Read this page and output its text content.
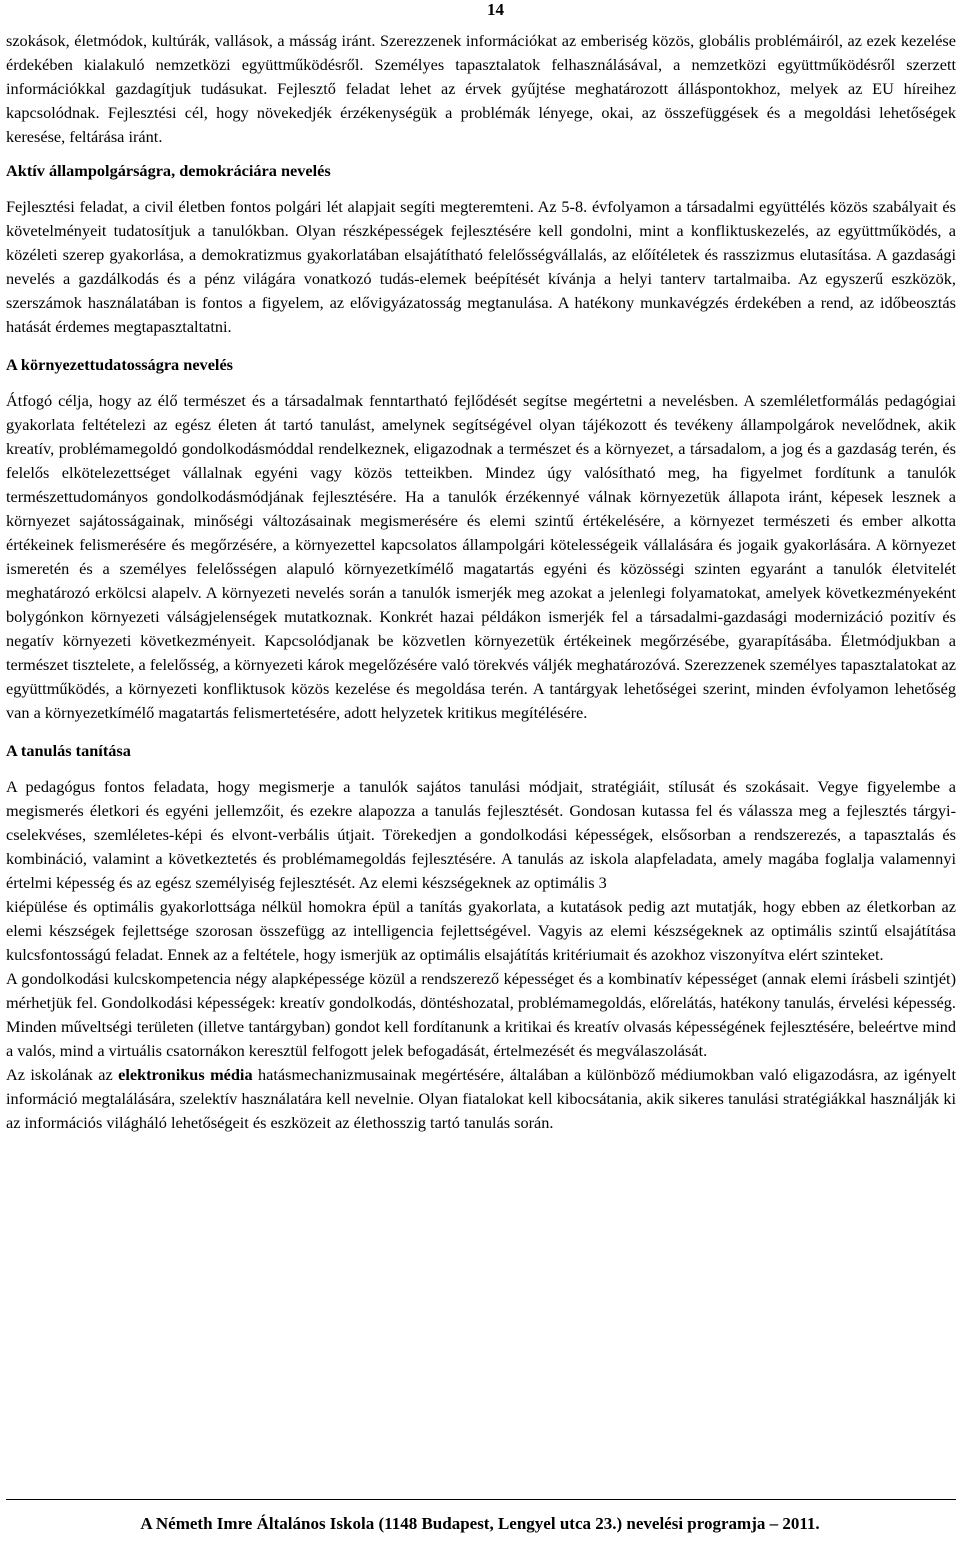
14

szokások, életmódok, kultúrák, vallások, a másság iránt. Szerezzenek információkat az emberiség közös, globális problémáiról, az ezek kezelése érdekében kialakuló nemzetközi együttműködésről. Személyes tapasztalatok felhasználásával, a nemzetközi együttműködésről szerzett információkkal gazdagítjuk tudásukat. Fejlesztő feladat lehet az érvek gyűjtése meghatározott álláspontokhoz, melyek az EU híreihez kapcsolódnak. Fejlesztési cél, hogy növekedjék érzékenységük a problémák lényege, okai, az összefüggések és a megoldási lehetőségek keresése, feltárása iránt.

Aktív állampolgárságra, demokráciára nevelés

Fejlesztési feladat, a civil életben fontos polgári lét alapjait segíti megteremteni. Az 5-8. évfolyamon a társadalmi együttélés közös szabályait és követelményeit tudatosítjuk a tanulókban. Olyan részképességek fejlesztésére kell gondolni, mint a konfliktuskezelés, az együttműködés, a közéleti szerep gyakorlása, a demokratizmus gyakorlatában elsajátítható felelősségvállalás, az előítéletek és rasszizmus elutasítása. A gazdasági nevelés a gazdálkodás és a pénz világára vonatkozó tudás-elemek beépítését kívánja a helyi tanterv tartalmaiba. Az egyszerű eszközök, szerszámok használatában is fontos a figyelem, az elővigyázatosság megtanulása. A hatékony munkavégzés érdekében a rend, az időbeosztás hatását érdemes megtapasztaltatni.

A környezettudatosságra nevelés

Átfogó célja, hogy az élő természet és a társadalmak fenntartható fejlődését segítse megértetni a nevelésben. A szemléletformálás pedagógiai gyakorlata feltételezi az egész életen át tartó tanulást, amelynek segítségével olyan tájékozott és tevékeny állampolgárok nevelődnek, akik kreatív, problémamegoldó gondolkodásmóddal rendelkeznek, eligazodnak a természet és a környezet, a társadalom, a jog és a gazdaság terén, és felelős elkötelezettséget vállalnak egyéni vagy közös tetteikben. Mindez úgy valósítható meg, ha figyelmet fordítunk a tanulók természettudományos gondolkodásmódjának fejlesztésére. Ha a tanulók érzékennyé válnak környezetük állapota iránt, képesek lesznek a környezet sajátosságainak, minőségi változásainak megismerésére és elemi szintű értékelésére, a környezet természeti és ember alkotta értékeinek felismerésére és megőrzésére, a környezettel kapcsolatos állampolgári kötelességeik vállalására és jogaik gyakorlására. A környezet ismeretén és a személyes felelősségen alapuló környezetkímélő magatartás egyéni és közösségi szinten egyaránt a tanulók életvitelét meghatározó erkölcsi alapelv. A környezeti nevelés során a tanulók ismerjék meg azokat a jelenlegi folyamatokat, amelyek következményeként bolygónkon környezeti válságjelenségek mutatkoznak. Konkrét hazai példákon ismerjék fel a társadalmi-gazdasági modernizáció pozitív és negatív környezeti következményeit. Kapcsolódjanak be közvetlen környezetük értékeinek megőrzésébe, gyarapításába. Életmódjukban a természet tisztelete, a felelősség, a környezeti károk megelőzésére való törekvés váljék meghatározóvá. Szerezzenek személyes tapasztalatokat az együttműködés, a környezeti konfliktusok közös kezelése és megoldása terén. A tantárgyak lehetőségei szerint, minden évfolyamon lehetőség van a környezetkímélő magatartás felismertetésére, adott helyzetek kritikus megítélésére.

A tanulás tanítása

A pedagógus fontos feladata, hogy megismerje a tanulók sajátos tanulási módjait, stratégiáit, stílusát és szokásait. Vegye figyelembe a megismerés életkori és egyéni jellemzőit, és ezekre alapozza a tanulás fejlesztését. Gondosan kutassa fel és válassza meg a fejlesztés tárgyi-cselekvéses, szemléletes-képi és elvont-verbális útjait. Törekedjen a gondolkodási képességek, elsősorban a rendszerezés, a tapasztalás és kombináció, valamint a következtetés és problémamegoldás fejlesztésére. A tanulás az iskola alapfeladata, amely magába foglalja valamennyi értelmi képesség és az egész személyiség fejlesztését. Az elemi készségeknek az optimális 3

kiépülése és optimális gyakorlottsága nélkül homokra épül a tanítás gyakorlata, a kutatások pedig azt mutatják, hogy ebben az életkorban az elemi készségek fejlettsége szorosan összefügg az intelligencia fejlettségével. Vagyis az elemi készségeknek az optimális szintű elsajátítása kulcsfontosságú feladat. Ennek az a feltétele, hogy ismerjük az optimális elsajátítás kritériumait és azokhoz viszonyítva elért szinteket.

A gondolkodási kulcskompetencia négy alapképessége közül a rendszerező képességet és a kombinatív képességet (annak elemi írásbeli szintjét) mérhetjük fel. Gondolkodási képességek: kreatív gondolkodás, döntéshozatal, problémamegoldás, előrelátás, hatékony tanulás, érvelési képesség. Minden műveltségi területen (illetve tantárgyban) gondot kell fordítanunk a kritikai és kreatív olvasás képességének fejlesztésére, beleértve mind a valós, mind a virtuális csatornákon keresztül felfogott jelek befogadását, értelmezését és megválaszolását.

Az iskolának az elektronikus média hatásmechanizmusainak megértésére, általában a különböző médiumokban való eligazodásra, az igényelt információ megtalálására, szelektív használatára kell nevelnie. Olyan fiatalokat kell kibocsátania, akik sikeres tanulási stratégiákkal használják ki az információs világháló lehetőségeit és eszközeit az élethosszig tartó tanulás során.

A Németh Imre Általános Iskola (1148 Budapest, Lengyel utca 23.) nevelési programja – 2011.
